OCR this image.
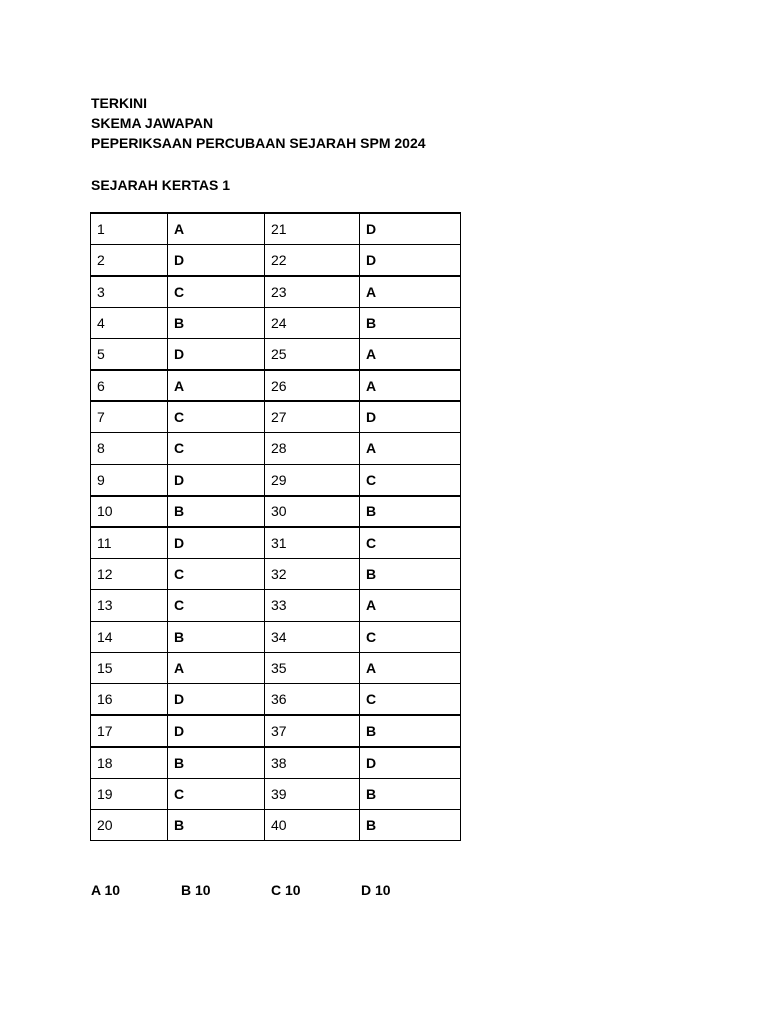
TERKINI
SKEMA JAWAPAN
PEPERIKSAAN PERCUBAAN SEJARAH SPM 2024
SEJARAH KERTAS 1
1	A	21	D
2	D	22	D
3	C	23	A
4	B	24	B
5	D	25	A
6	A	26	A
7	C	27	D
8	C	28	A
9	D	29	C
10	B	30	B
11	D	31	C
12	C	32	B
13	C	33	A
14	B	34	C
15	A	35	A
16	D	36	C
17	D	37	B
18	B	38	D
19	C	39	B
20	B	40	B
A 10	B 10	C 10	D 10
